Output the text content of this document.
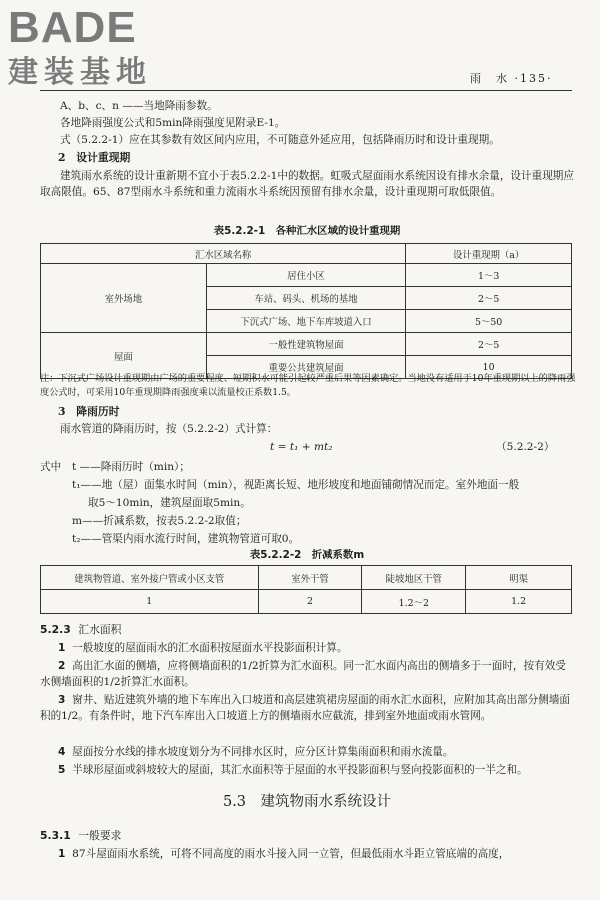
BADE
建装基地	雨　水 ·135·

A、b、c、n ——当地降雨参数。

各地降雨强度公式和5min降雨强度见附录E-1。

式（5.2.2-1）应在其参数有效区间内应用，不可随意外延应用，包括降雨历时和设计重现期。

2　设计重现期

建筑雨水系统的设计重新期不宜小于表5.2.2-1中的数据。虹吸式屋面雨水系统因设有排水余量，设计重现期应取高限值。65、87型雨水斗系统和重力流雨水斗系统因预留有排水余量，设计重现期可取低限值。

表5.2.2-1　各种汇水区域的设计重现期
汇水区域名称		设计重现期（a）
室外场地	居住小区	1～3
	车站、码头、机场的基地	2～5
	下沉式广场、地下车库坡道入口	5～50
屋面	一般性建筑物屋面	2～5
	重要公共建筑屋面	10

注：下沉式广场设计重现期由广场的重要程度、短期积水可能引起较严重后果等因素确定。当地没有适用于10年重现期以上的降雨强度公式时，可采用10年重现期降雨强度乘以流量校正系数1.5。

3　降雨历时

雨水管道的降雨历时，按（5.2.2-2）式计算：

t = t₁ + mt₂	（5.2.2-2）
式中	t ——降雨历时（min）；
t₁——地（屋）面集水时间（min），视距离长短、地形坡度和地面铺砌情况而定。室外地面一般
取5～10min，建筑屋面取5min。
m——折减系数，按表5.2.2-2取值；
t₂——管渠内雨水流行时间，建筑物管道可取0。
表5.2.2-2　折减系数m
建筑物管道、室外接户管或小区支管	室外干管	陡坡地区干管	明渠
1	2	1.2～2	1.2
5.2.3 汇水面积

1 一般坡度的屋面雨水的汇水面积按屋面水平投影面积计算。

2 高出汇水面的侧墙，应将侧墙面积的1/2折算为汇水面积。同一汇水面内高出的侧墙多于一面时，按有效受水侧墙面积的1/2折算汇水面积。

3 窗井、贴近建筑外墙的地下车库出入口坡道和高层建筑裙房屋面的雨水汇水面积，应附加其高出部分侧墙面积的1/2。有条件时，地下汽车库出入口坡道上方的侧墙雨水应截流，排到室外地面或雨水管网。

4 屋面按分水线的排水坡度划分为不同排水区时，应分区计算集雨面积和雨水流量。

5 半球形屋面或斜坡较大的屋面，其汇水面积等于屋面的水平投影面积与竖向投影面积的一半之和。

5.3　建筑物雨水系统设计
5.3.1 一般要求

1 87斗屋面雨水系统，可将不同高度的雨水斗接入同一立管，但最低雨水斗距立管底端的高度，
